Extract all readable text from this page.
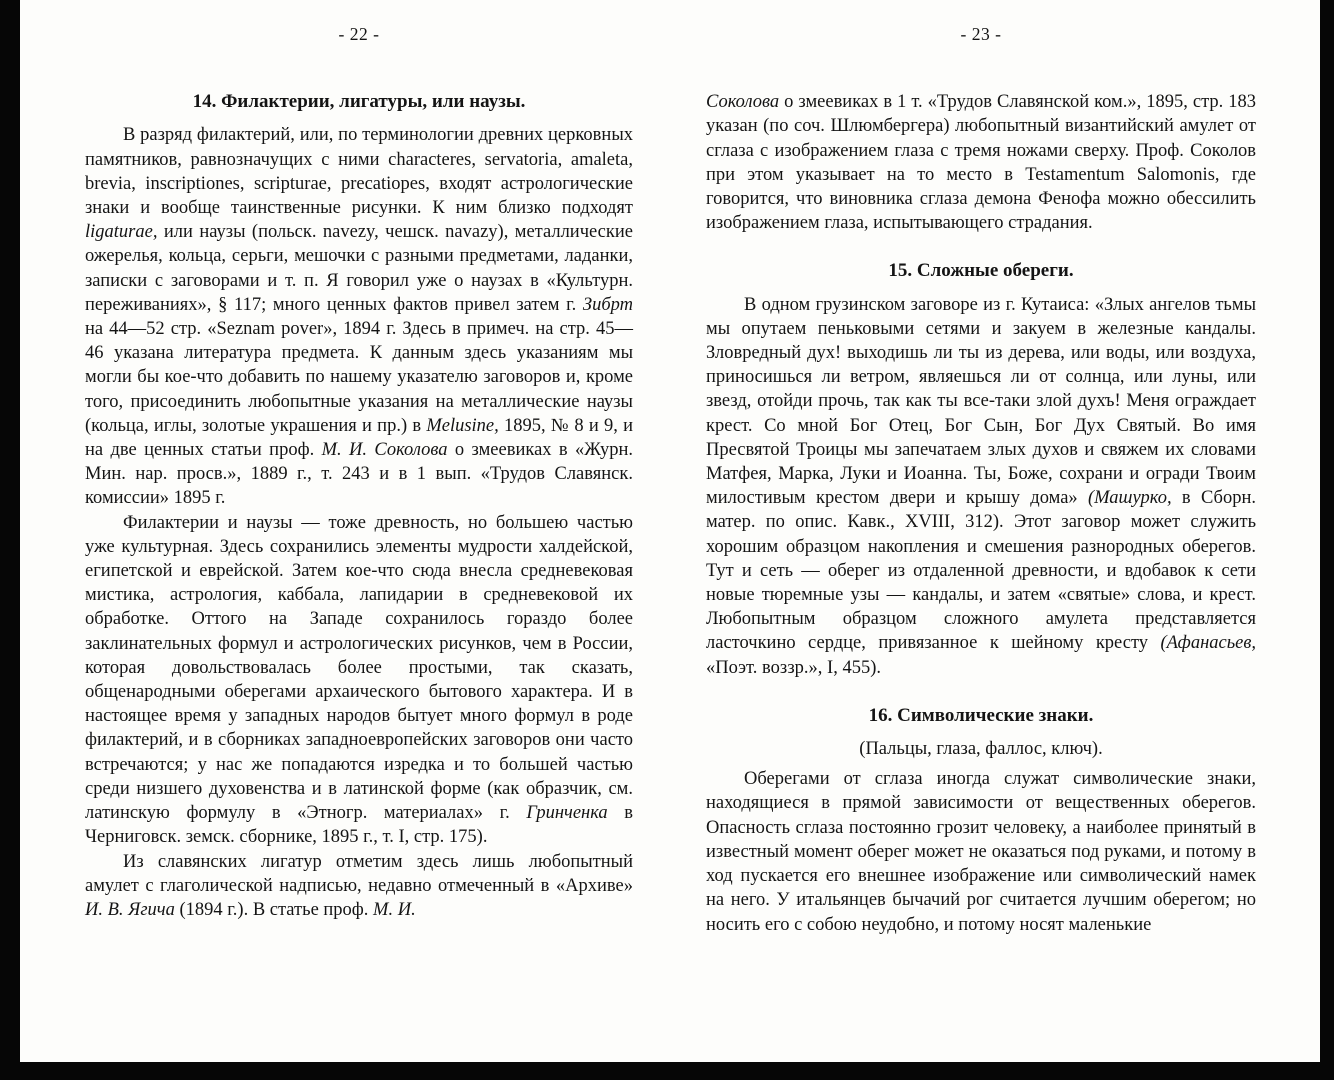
- 22 -
14. Филактерии, лигатуры, или наузы.

В разряд филактерий, или, по терминологии древних церковных памятников, равнозначущих с ними characteres, servatoria, amaleta, brevia, inscriptiones, scripturae, precatiopes, входят астрологические знаки и вообще таинственные рисунки. К ним близко подходят ligaturae, или наузы (польск. navezy, чешск. navazy), металлические ожерелья, кольца, серьги, мешочки с разными предметами, ладанки, записки с заговорами и т. п. Я говорил уже о наузах в «Культурн. переживаниях», § 117; много ценных фактов привел затем г. Зибрт на 44—52 стр. «Seznam pover», 1894 г. Здесь в примеч. на стр. 45—46 указана литература предмета. К данным здесь указаниям мы могли бы кое-что добавить по нашему указателю заговоров и, кроме того, присоединить любопытные указания на металлические наузы (кольца, иглы, золотые украшения и пр.) в Melusine, 1895, № 8 и 9, и на две ценных статьи проф. М. И. Соколова о змеевиках в «Журн. Мин. нар. просв.», 1889 г., т. 243 и в 1 вып. «Трудов Славянск. комиссии» 1895 г.

Филактерии и наузы — тоже древность, но большею частью уже культурная. Здесь сохранились элементы мудрости халдейской, египетской и еврейской. Затем кое-что сюда внесла средневековая мистика, астрология, каббала, лапидарии в средневековой их обработке. Оттого на Западе сохранилось гораздо более заклинательных формул и астрологических рисунков, чем в России, которая довольствовалась более простыми, так сказать, общенародными оберегами архаического бытового характера. И в настоящее время у западных народов бытует много формул в роде филактерий, и в сборниках западноевропейских заговоров они часто встречаются; у нас же попадаются изредка и то большей частью среди низшего духовенства и в латинской форме (как образчик, см. латинскую формулу в «Этногр. материалах» г. Гринченка в Черниговск. земск. сборнике, 1895 г., т. I, стр. 175).

Из славянских лигатур отметим здесь лишь любопытный амулет с глаголической надписью, недавно отмеченный в «Архиве» И. В. Ягича (1894 г.). В статье проф. М. И.

- 23 -

Соколова о змеевиках в 1 т. «Трудов Славянской ком.», 1895, стр. 183 указан (по соч. Шлюмбергера) любопытный византийский амулет от сглаза с изображением глаза с тремя ножами сверху. Проф. Соколов при этом указывает на то место в Testamentum Salomonis, где говорится, что виновника сглаза демона Фенофа можно обессилить изображением глаза, испытывающего страдания.

15. Сложные обереги.

В одном грузинском заговоре из г. Кутаиса: «Злых ангелов тьмы мы опутаем пеньковыми сетями и закуем в железные кандалы. Зловредный дух! выходишь ли ты из дерева, или воды, или воздуха, приносишься ли ветром, являешься ли от солнца, или луны, или звезд, отойди прочь, так как ты все-таки злой духъ! Меня ограждает крест. Со мной Бог Отец, Бог Сын, Бог Дух Святый. Во имя Пресвятой Троицы мы запечатаем злых духов и свяжем их словами Матфея, Марка, Луки и Иоанна. Ты, Боже, сохрани и огради Твоим милостивым крестом двери и крышу дома» (Машурко, в Сборн. матер. по опис. Кавк., XVIII, 312). Этот заговор может служить хорошим образцом накопления и смешения разнородных оберегов. Тут и сеть — оберег из отдаленной древности, и вдобавок к сети новые тюремные узы — кандалы, и затем «святые» слова, и крест. Любопытным образцом сложного амулета представляется ласточкино сердце, привязанное к шейному кресту (Афанасьев, «Поэт. воззр.», I, 455).

16. Символические знаки.
(Пальцы, глаза, фаллос, ключ).

Оберегами от сглаза иногда служат символические знаки, находящиеся в прямой зависимости от вещественных оберегов. Опасность сглаза постоянно грозит человеку, а наиболее принятый в известный момент оберег может не оказаться под руками, и потому в ход пускается его внешнее изображение или символический намек на него. У итальянцев бычачий рог считается лучшим оберегом; но носить его с собою неудобно, и потому носят маленькие
